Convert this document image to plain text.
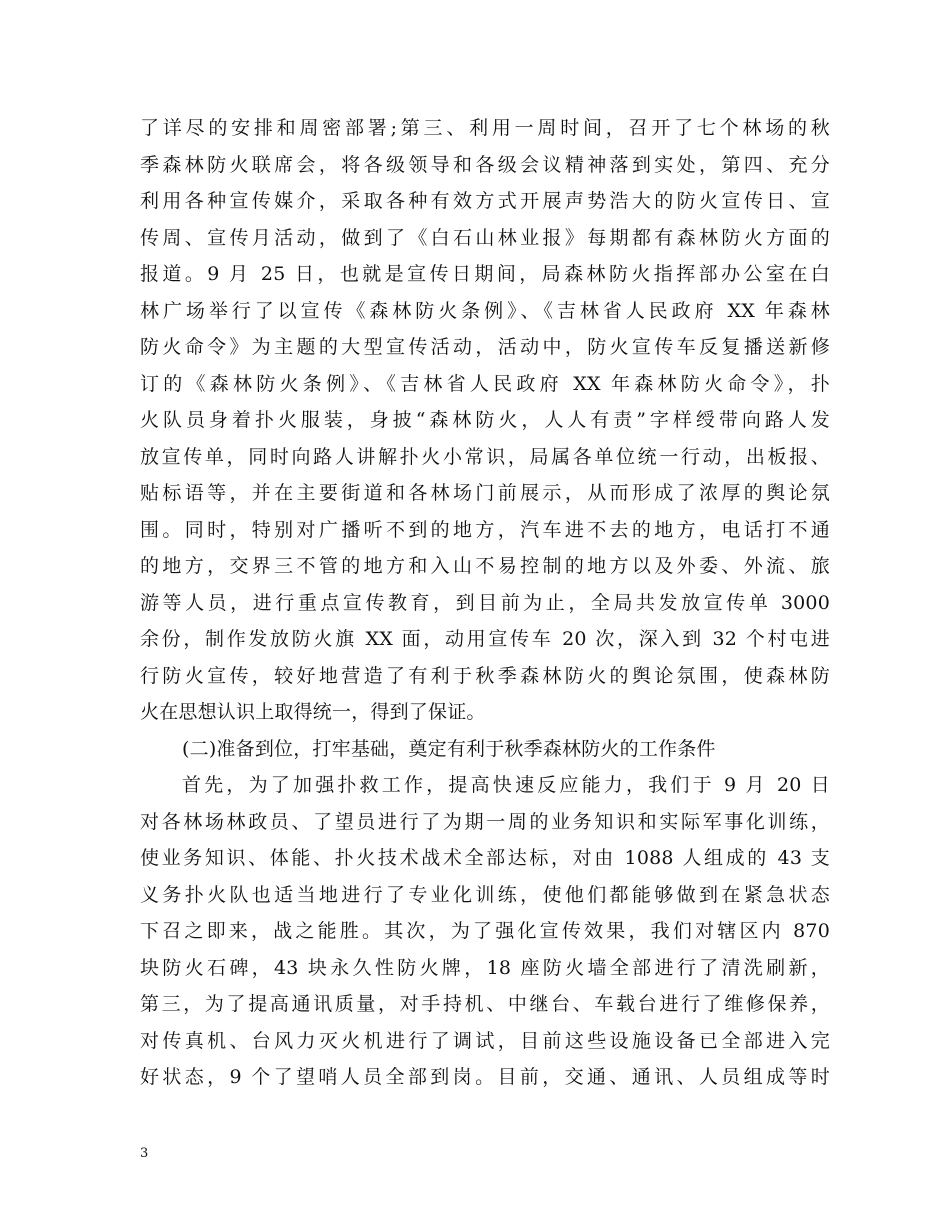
了详尽的安排和周密部署;第三、利用一周时间，召开了七个林场的秋
季森林防火联席会，将各级领导和各级会议精神落到实处，第四、充分
利用各种宣传媒介，采取各种有效方式开展声势浩大的防火宣传日、宣
传周、宣传月活动，做到了《白石山林业报》每期都有森林防火方面的
报道。9 月 25 日，也就是宣传日期间，局森林防火指挥部办公室在白
林广场举行了以宣传《森林防火条例》、《吉林省人民政府 XX 年森林
防火命令》为主题的大型宣传活动，活动中，防火宣传车反复播送新修
订的《森林防火条例》、《吉林省人民政府 XX 年森林防火命令》，扑
火队员身着扑火服装，身披“森林防火，人人有责”字样绶带向路人发
放宣传单，同时向路人讲解扑火小常识，局属各单位统一行动，出板报、
贴标语等，并在主要街道和各林场门前展示，从而形成了浓厚的舆论氛
围。同时，特别对广播听不到的地方，汽车进不去的地方，电话打不通
的地方，交界三不管的地方和入山不易控制的地方以及外委、外流、旅
游等人员，进行重点宣传教育，到目前为止，全局共发放宣传单 3000
余份，制作发放防火旗 XX 面，动用宣传车 20 次，深入到 32 个村屯进
行防火宣传，较好地营造了有利于秋季森林防火的舆论氛围，使森林防
火在思想认识上取得统一，得到了保证。
(二)准备到位，打牢基础，奠定有利于秋季森林防火的工作条件
首先，为了加强扑救工作，提高快速反应能力，我们于 9 月 20 日
对各林场林政员、了望员进行了为期一周的业务知识和实际军事化训练，
使业务知识、体能、扑火技术战术全部达标，对由 1088 人组成的 43 支
义务扑火队也适当地进行了专业化训练，使他们都能够做到在紧急状态
下召之即来，战之能胜。其次，为了强化宣传效果，我们对辖区内 870
块防火石碑，43 块永久性防火牌，18 座防火墙全部进行了清洗刷新，
第三，为了提高通讯质量，对手持机、中继台、车载台进行了维修保养，
对传真机、台风力灭火机进行了调试，目前这些设施设备已全部进入完
好状态，9 个了望哨人员全部到岗。目前，交通、通讯、人员组成等时
3
